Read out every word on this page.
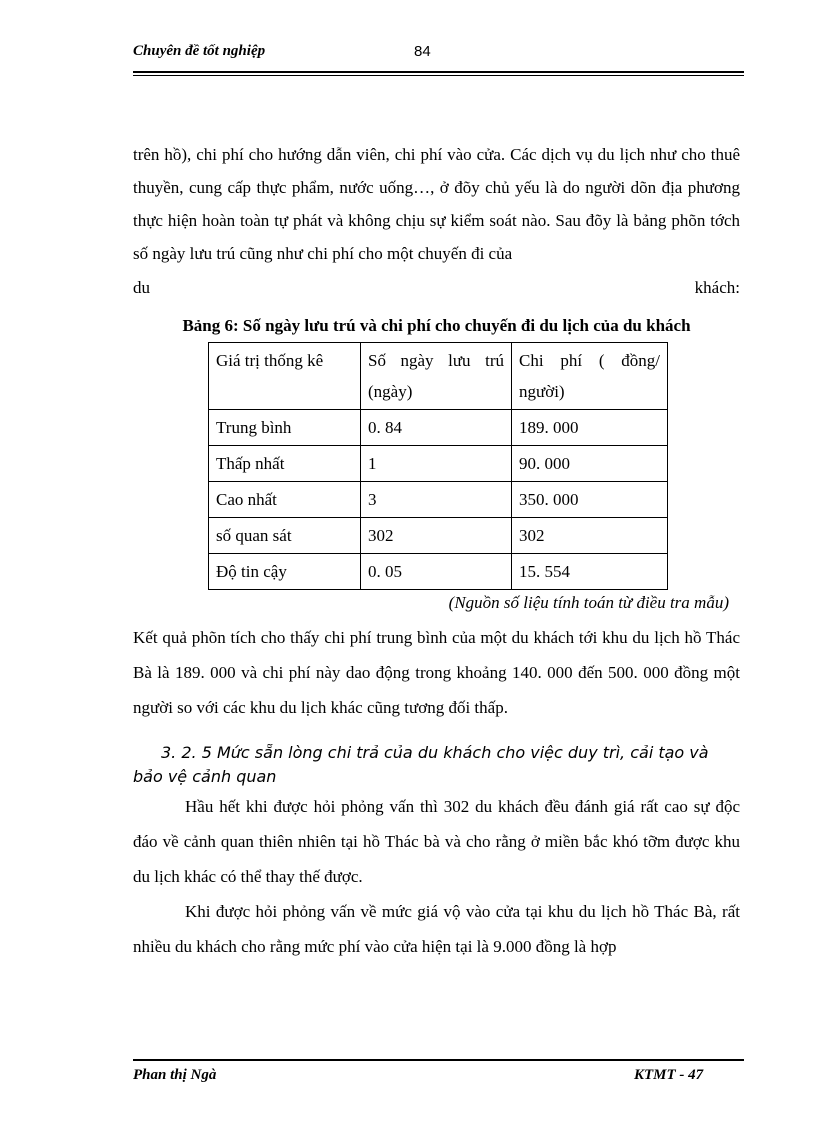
Chuyên đề tốt nghiệp	84
trên hồ), chi phí cho hướng dẫn viên, chi phí vào cửa. Các dịch vụ du lịch như cho thuê thuyền, cung cấp thực phẩm, nước uống…, ở đõy chủ yếu là do người dõn địa phương thực hiện hoàn toàn tự phát và không chịu sự kiểm soát nào. Sau đõy là bảng phõn tớch số ngày lưu trú cũng như chi phí cho một chuyến đi của
du	khách:
Bảng 6: Số ngày lưu trú và chi phí cho chuyến đi du lịch của du khách
Giá trị thống kê	Số ngày lưu trú (ngày)	Chi phí ( đồng/ người)
Trung bình	0. 84	189. 000
Thấp nhất	1	90. 000
Cao nhất	3	350. 000
số quan sát	302	302
Độ tin cậy	0. 05	15. 554
(Nguồn số liệu tính toán từ điều tra mẫu)
Kết quả phõn tích cho thấy chi phí trung bình của một du khách tới khu du lịch hồ Thác Bà là 189. 000 và chi phí này dao động trong khoảng 140. 000 đến 500. 000 đồng một người so với các khu du lịch khác cũng tương đối thấp.
3. 2. 5 Mức sẵn lòng chi trả của du khách cho việc duy trì, cải tạo và bảo vệ cảnh quan
Hầu hết khi được hỏi phỏng vấn thì 302 du khách đều đánh giá rất cao sự độc đáo về cảnh quan thiên nhiên tại hồ Thác bà và cho rằng ở miền bắc khó tỡm được khu du lịch khác có thể thay thế được.
Khi được hỏi phỏng vấn về mức giá vộ vào cửa tại khu du lịch hồ Thác Bà, rất nhiều du khách cho rằng mức phí vào cửa hiện tại là 9.000 đồng là hợp
Phan thị Ngà	KTMT - 47
